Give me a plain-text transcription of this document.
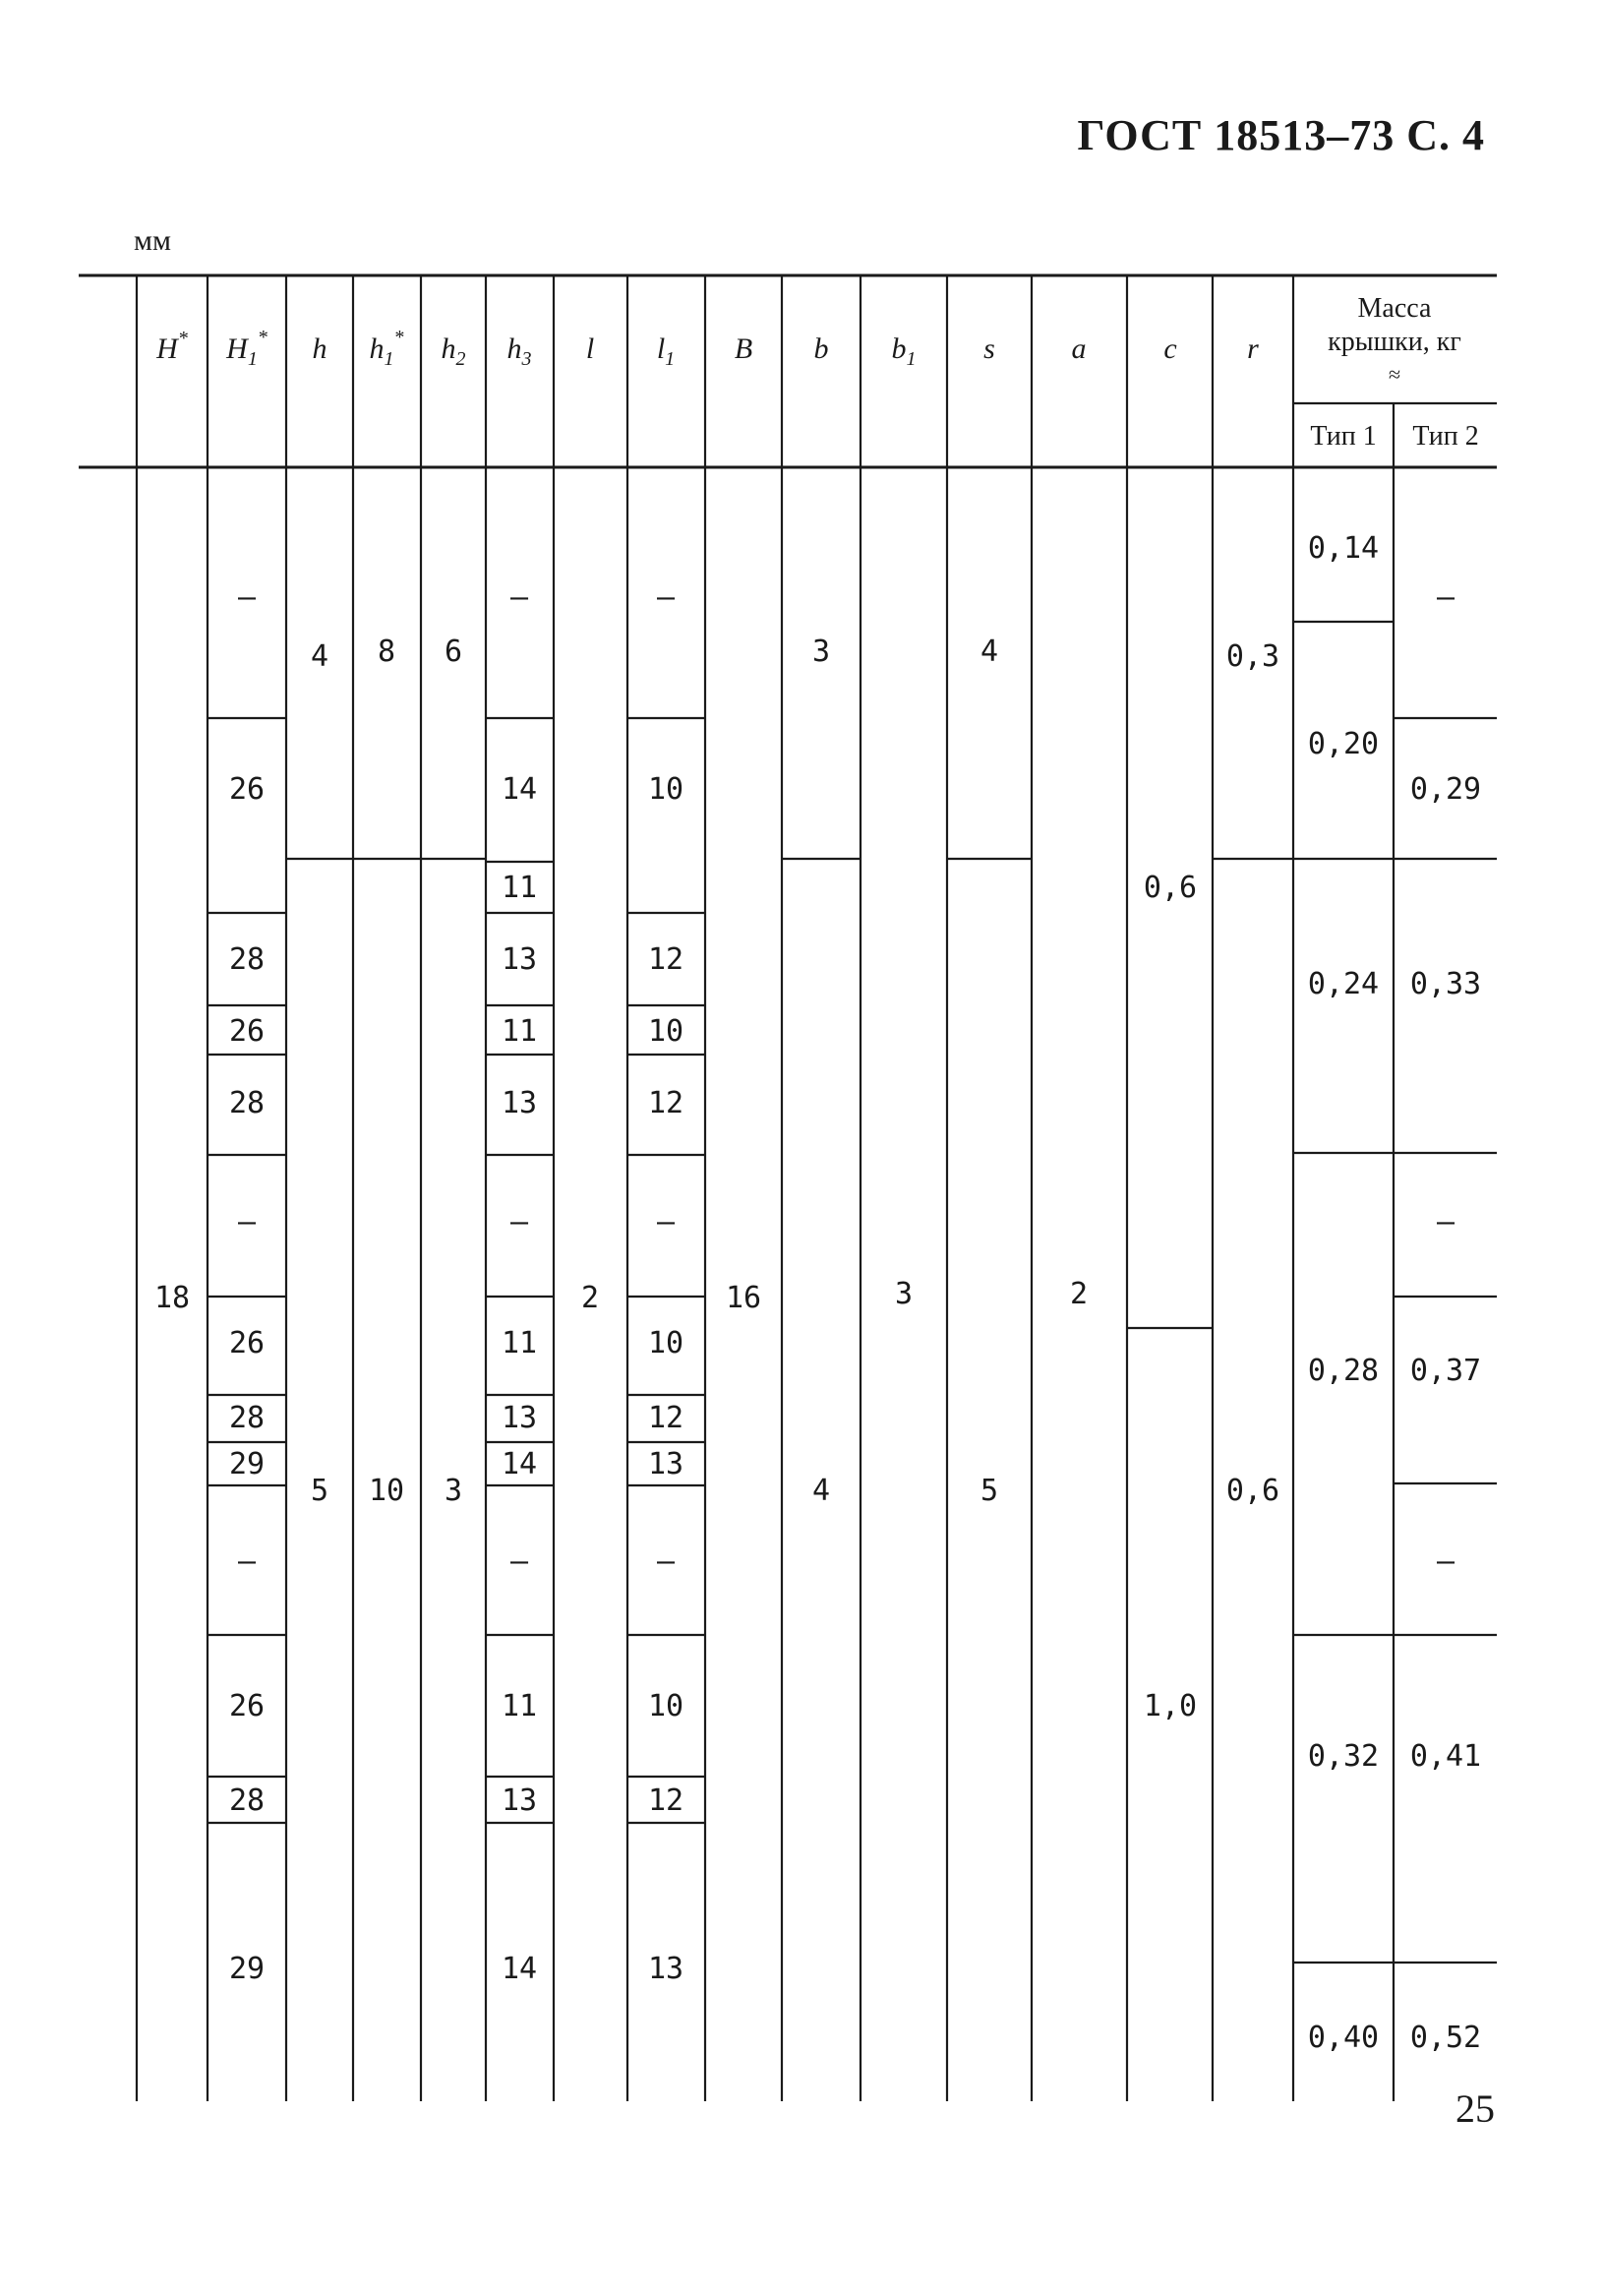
ГОСТ 18513–73 С. 4
мм
H* $H_1^*$ h $h_1^*$ $h_2$ $h_3$ l $l_1$ B b $b_1$ s	a	c r
Масса
крышки, кг
≈
Тип 1 Тип 2
18
—
26
28
26
28
—
26
28
29
—
26
28
29
4
5
8
10
6
3
—
14
11
13
11
13
—
11
13
14
—
11
13
14
2
—
10
12
10
12
—
10
12
13
—
10
12
13
16
3
4
3
4
5
2
0,6
1,0
0,3
0,6
0,14
0,20
0,24
0,28
0,32
0,40
—
0,29
0,33
—
0,37
—
0,41
0,52
25
